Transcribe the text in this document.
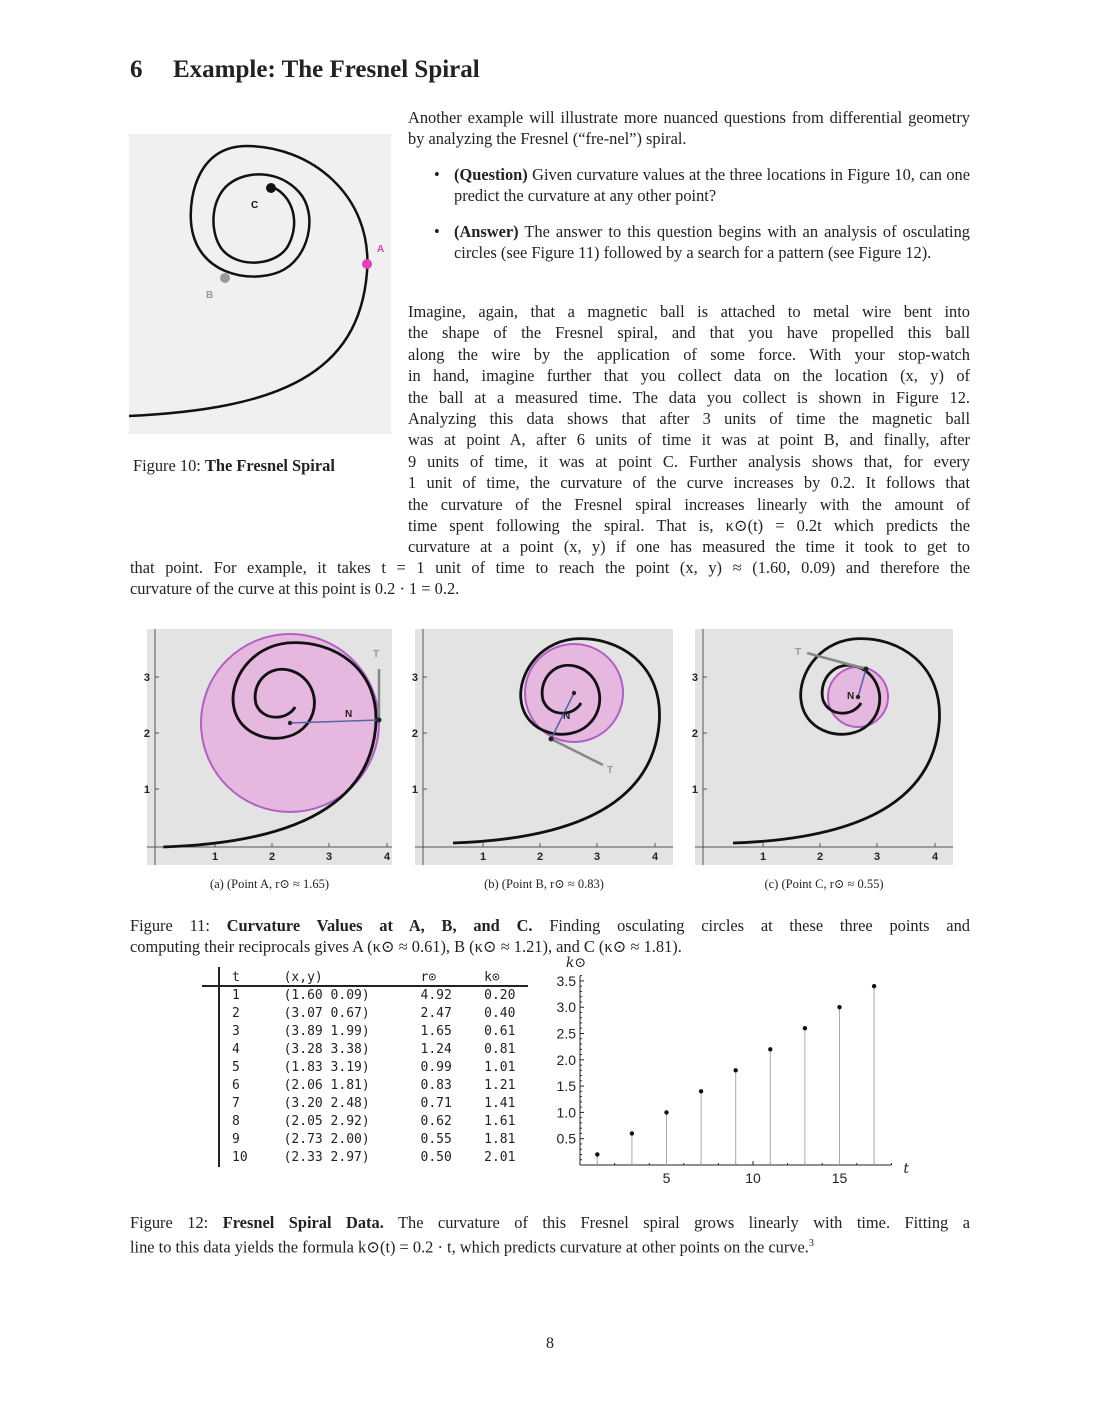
6 Example: The Fresnel Spiral
Another example will illustrate more nuanced questions from differential geometry by analyzing the Fresnel (“fre-nel”) spiral.
• (Question) Given curvature values at the three locations in Figure 10, can one predict the curvature at any other point?
• (Answer) The answer to this question begins with an analysis of osculating circles (see Figure 11) followed by a search for a pattern (see Figure 12).
Imagine, again, that a magnetic ball is attached to metal wire bent into
the shape of the Fresnel spiral, and that you have propelled this ball
along the wire by the application of some force. With your stop-watch
in hand, imagine further that you collect data on the location (x, y) of
the ball at a measured time. The data you collect is shown in Figure 12.
Analyzing this data shows that after 3 units of time the magnetic ball
was at point A, after 6 units of time it was at point B, and finally, after
9 units of time, it was at point C. Further analysis shows that, for every
1 unit of time, the curvature of the curve increases by 0.2. It follows that
the curvature of the Fresnel spiral increases linearly with the amount of
time spent following the spiral. That is, κ⊙(t) = 0.2t which predicts the
curvature at a point (x, y) if one has measured the time it took to get to
that point. For example, it takes t = 1 unit of time to reach the point (x, y) ≈ (1.60, 0.09) and therefore the
curvature of the curve at this point is 0.2 · 1 = 0.2.
A
B
C
Figure 10: The Fresnel Spiral
1	2	3	4
1
2
3
N
T
1	2	3	4
1
2
3
N
T
1	2	3	4
1
2
3
N
T
(a) (Point A, r⊙ ≈ 1.65)	(b) (Point B, r⊙ ≈ 0.83)	(c) (Point C, r⊙ ≈ 0.55)
Figure 11: Curvature Values at A, B, and C. Finding osculating circles at these three points and
computing their reciprocals gives A (κ⊙ ≈ 0.61), B (κ⊙ ≈ 1.21), and C (κ⊙ ≈ 1.81).
t	(x,y)	r⊙	k⊙
1	(1.60 0.09)	4.92	0.20
2	(3.07 0.67)	2.47	0.40
3	(3.89 1.99)	1.65	0.61
4	(3.28 3.38)	1.24	0.81
5	(1.83 3.19)	0.99	1.01
6	(2.06 1.81)	0.83	1.21
7	(3.20 2.48)	0.71	1.41
8	(2.05 2.92)	0.62	1.61
9	(2.73 2.00)	0.55	1.81
10	(2.33 2.97)	0.50	2.01
5	10	15
0.5
1.0
1.5
2.0
2.5
3.0
3.5
t
k⊙
Figure 12: Fresnel Spiral Data. The curvature of this Fresnel spiral grows linearly with time. Fitting a
line to this data yields the formula k⊙(t) = 0.2 · t, which predicts curvature at other points on the curve.$^3$
8
